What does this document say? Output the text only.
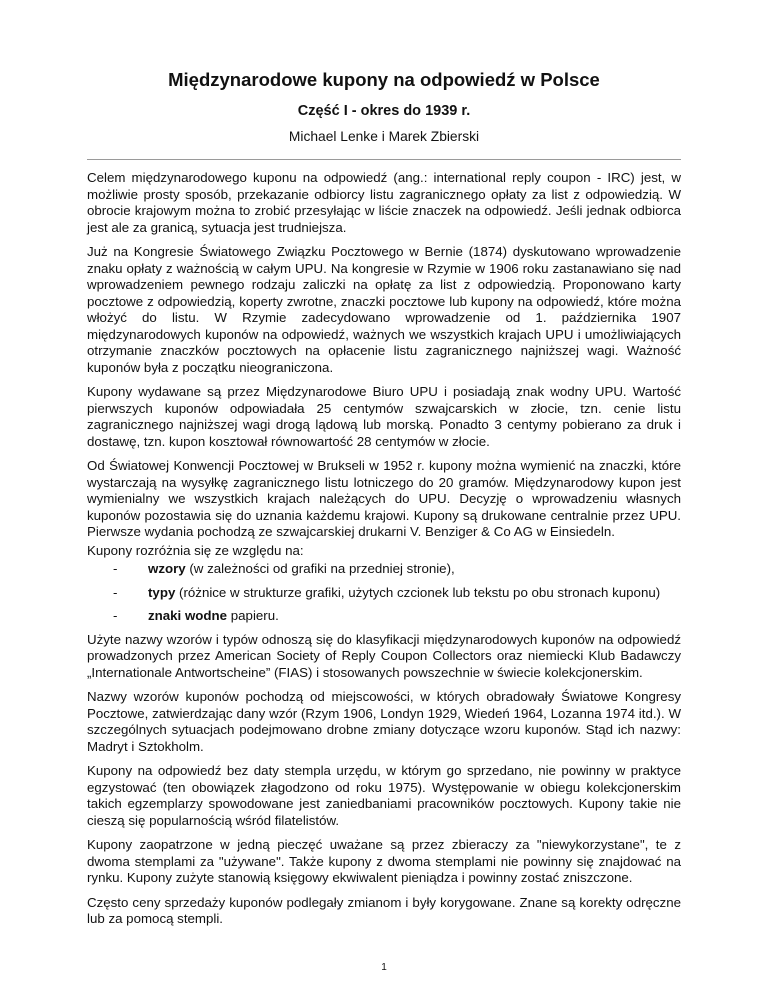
Międzynarodowe kupony na odpowiedź w Polsce
Część I - okres do 1939 r.
Michael Lenke i Marek Zbierski

Celem międzynarodowego kuponu na odpowiedź (ang.: international reply coupon - IRC) jest, w możliwie prosty sposób, przekazanie odbiorcy listu zagranicznego opłaty za list z odpowiedzią. W obrocie krajowym można to zrobić przesyłając w liście znaczek na odpowiedź. Jeśli jednak odbiorca jest ale za granicą, sytuacja jest trudniejsza.

Już na Kongresie Światowego Związku Pocztowego w Bernie (1874) dyskutowano wprowadzenie znaku opłaty z ważnością w całym UPU. Na kongresie w Rzymie w 1906 roku zastanawiano się nad wprowadzeniem pewnego rodzaju zaliczki na opłatę za list z odpowiedzią. Proponowano karty pocztowe z odpowiedzią, koperty zwrotne, znaczki pocztowe lub kupony na odpowiedź, które można włożyć do listu. W Rzymie zadecydowano wprowadzenie od 1. października 1907 międzynarodowych kuponów na odpowiedź, ważnych we wszystkich krajach UPU i umożliwiających otrzymanie znaczków pocztowych na opłacenie listu zagranicznego najniższej wagi. Ważność kuponów była z początku nieograniczona.

Kupony wydawane są przez Międzynarodowe Biuro UPU i posiadają znak wodny UPU. Wartość pierwszych kuponów odpowiadała 25 centymów szwajcarskich w złocie, tzn. cenie listu zagranicznego najniższej wagi drogą lądową lub morską. Ponadto 3 centymy pobierano za druk i dostawę, tzn. kupon kosztował równowartość 28 centymów w złocie.

Od Światowej Konwencji Pocztowej w Brukseli w 1952 r. kupony można wymienić na znaczki, które wystarczają na wysyłkę zagranicznego listu lotniczego do 20 gramów. Międzynarodowy kupon jest wymienialny we wszystkich krajach należących do UPU. Decyzję o wprowadzeniu własnych kuponów pozostawia się do uznania każdemu krajowi. Kupony są drukowane centralnie przez UPU. Pierwsze wydania pochodzą ze szwajcarskiej drukarni V. Benziger & Co AG w Einsiedeln.

Kupony rozróżnia się ze względu na:

- wzory (w zależności od grafiki na przedniej stronie),
- typy (różnice w strukturze grafiki, użytych czcionek lub tekstu po obu stronach kuponu)
- znaki wodne papieru.

Użyte nazwy wzorów i typów odnoszą się do klasyfikacji międzynarodowych kuponów na odpowiedź prowadzonych przez American Society of Reply Coupon Collectors oraz niemiecki Klub Badawczy „Internationale Antwortscheine” (FIAS) i stosowanych powszechnie w świecie kolekcjonerskim.

Nazwy wzorów kuponów pochodzą od miejscowości, w których obradowały Światowe Kongresy Pocztowe, zatwierdzając dany wzór (Rzym 1906, Londyn 1929, Wiedeń 1964, Lozanna 1974 itd.). W szczególnych sytuacjach podejmowano drobne zmiany dotyczące wzoru kuponów. Stąd ich nazwy: Madryt i Sztokholm.

Kupony na odpowiedź bez daty stempla urzędu, w którym go sprzedano, nie powinny w praktyce egzystować (ten obowiązek złagodzono od roku 1975). Występowanie w obiegu kolekcjonerskim takich egzemplarzy spowodowane jest zaniedbaniami pracowników pocztowych. Kupony takie nie cieszą się popularnością wśród filatelistów.

Kupony zaopatrzone w jedną pieczęć uważane są przez zbieraczy za "niewykorzystane", te z dwoma stemplami za "używane". Także kupony z dwoma stemplami nie powinny się znajdować na rynku. Kupony zużyte stanowią księgowy ekwiwalent pieniądza i powinny zostać zniszczone.

Często ceny sprzedaży kuponów podlegały zmianom i były korygowane. Znane są korekty odręczne lub za pomocą stempli.

1
